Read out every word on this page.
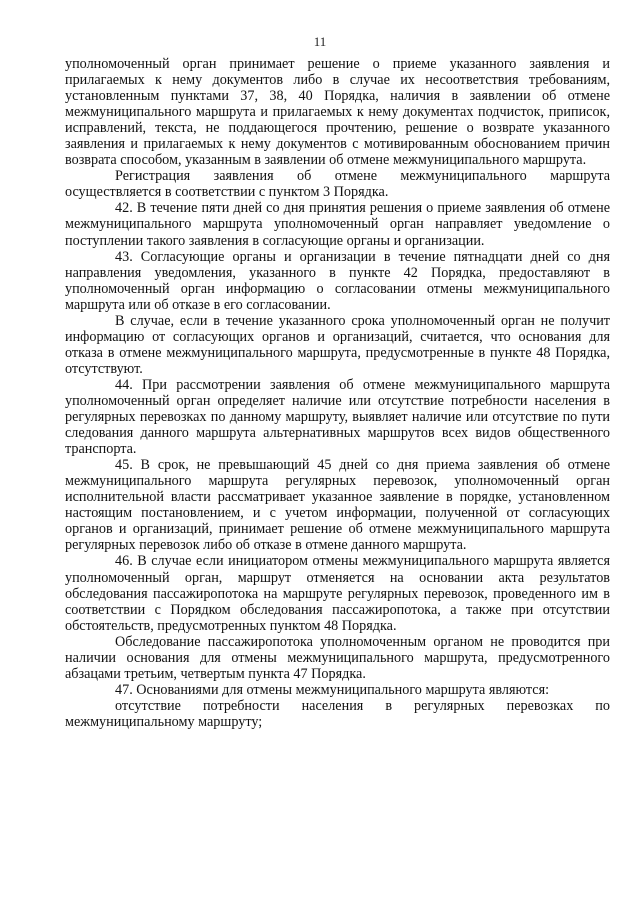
11

уполномоченный орган принимает решение о приеме указанного заявления и прилагаемых к нему документов либо в случае их несоответствия требованиям, установленным пунктами 37, 38, 40 Порядка, наличия в заявлении об отмене межмуниципального маршрута и прилагаемых к нему документах подчисток, приписок, исправлений, текста, не поддающегося прочтению, решение о возврате указанного заявления и прилагаемых к нему документов с мотивированным обоснованием причин возврата способом, указанным в заявлении об отмене межмуниципального маршрута.

Регистрация заявления об отмене межмуниципального маршрута осуществляется в соответствии с пунктом 3 Порядка.

42. В течение пяти дней со дня принятия решения о приеме заявления об отмене межмуниципального маршрута уполномоченный орган направляет уведомление о поступлении такого заявления в согласующие органы и организации.

43. Согласующие органы и организации в течение пятнадцати дней со дня направления уведомления, указанного в пункте 42 Порядка, предоставляют в уполномоченный орган информацию о согласовании отмены межмуниципального маршрута или об отказе в его согласовании.

В случае, если в течение указанного срока уполномоченный орган не получит информацию от согласующих органов и организаций, считается, что основания для отказа в отмене межмуниципального маршрута, предусмотренные в пункте 48 Порядка, отсутствуют.

44. При рассмотрении заявления об отмене межмуниципального маршрута уполномоченный орган определяет наличие или отсутствие потребности населения в регулярных перевозках по данному маршруту, выявляет наличие или отсутствие по пути следования данного маршрута альтернативных маршрутов всех видов общественного транспорта.

45. В срок, не превышающий 45 дней со дня приема заявления об отмене межмуниципального маршрута регулярных перевозок, уполномоченный орган исполнительной власти рассматривает указанное заявление в порядке, установленном настоящим постановлением, и с учетом информации, полученной от согласующих органов и организаций, принимает решение об отмене межмуниципального маршрута регулярных перевозок либо об отказе в отмене данного маршрута.

46. В случае если инициатором отмены межмуниципального маршрута является уполномоченный орган, маршрут отменяется на основании акта результатов обследования пассажиропотока на маршруте регулярных перевозок, проведенного им в соответствии с Порядком обследования пассажиропотока, а также при отсутствии обстоятельств, предусмотренных пунктом 48 Порядка.

Обследование пассажиропотока уполномоченным органом не проводится при наличии основания для отмены межмуниципального маршрута, предусмотренного абзацами третьим, четвертым пункта 47 Порядка.

47. Основаниями для отмены межмуниципального маршрута являются:

отсутствие потребности населения в регулярных перевозках по межмуниципальному маршруту;
